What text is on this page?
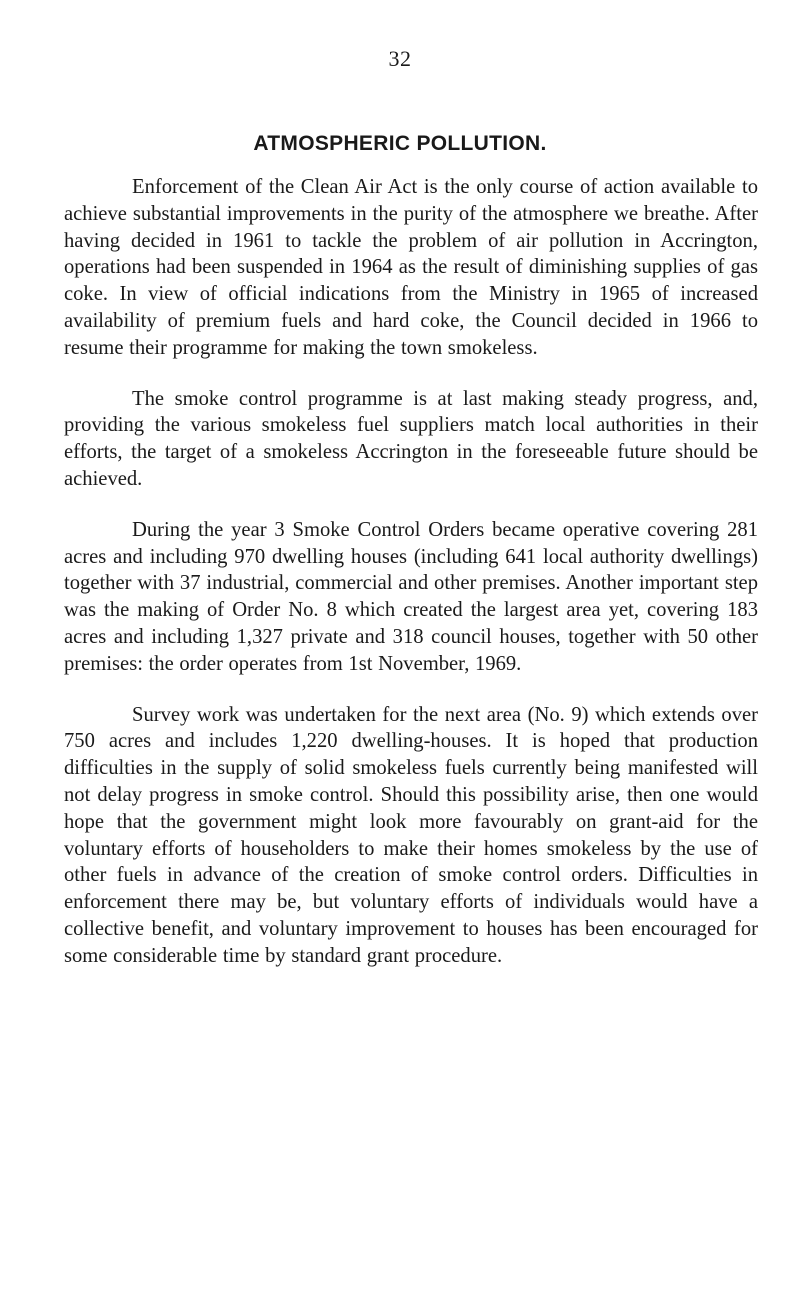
32
ATMOSPHERIC POLLUTION.

Enforcement of the Clean Air Act is the only course of action available to achieve substantial improvements in the purity of the atmosphere we breathe. After having decided in 1961 to tackle the problem of air pollution in Accrington, operations had been suspended in 1964 as the result of diminishing supplies of gas coke. In view of official indications from the Ministry in 1965 of increased availability of premium fuels and hard coke, the Council decided in 1966 to resume their programme for making the town smokeless.

The smoke control programme is at last making steady progress, and, providing the various smokeless fuel suppliers match local authorities in their efforts, the target of a smokeless Accrington in the foreseeable future should be achieved.

During the year 3 Smoke Control Orders became operative covering 281 acres and including 970 dwelling houses (including 641 local authority dwellings) together with 37 industrial, commercial and other premises. Another important step was the making of Order No. 8 which created the largest area yet, covering 183 acres and including 1,327 private and 318 council houses, together with 50 other premises: the order operates from 1st November, 1969.

Survey work was undertaken for the next area (No. 9) which extends over 750 acres and includes 1,220 dwelling-houses. It is hoped that production difficulties in the supply of solid smokeless fuels currently being manifested will not delay progress in smoke control. Should this possibility arise, then one would hope that the government might look more favourably on grant-aid for the voluntary efforts of householders to make their homes smokeless by the use of other fuels in advance of the creation of smoke control orders. Difficulties in enforcement there may be, but voluntary efforts of individuals would have a collective benefit, and voluntary improvement to houses has been encouraged for some considerable time by standard grant procedure.
